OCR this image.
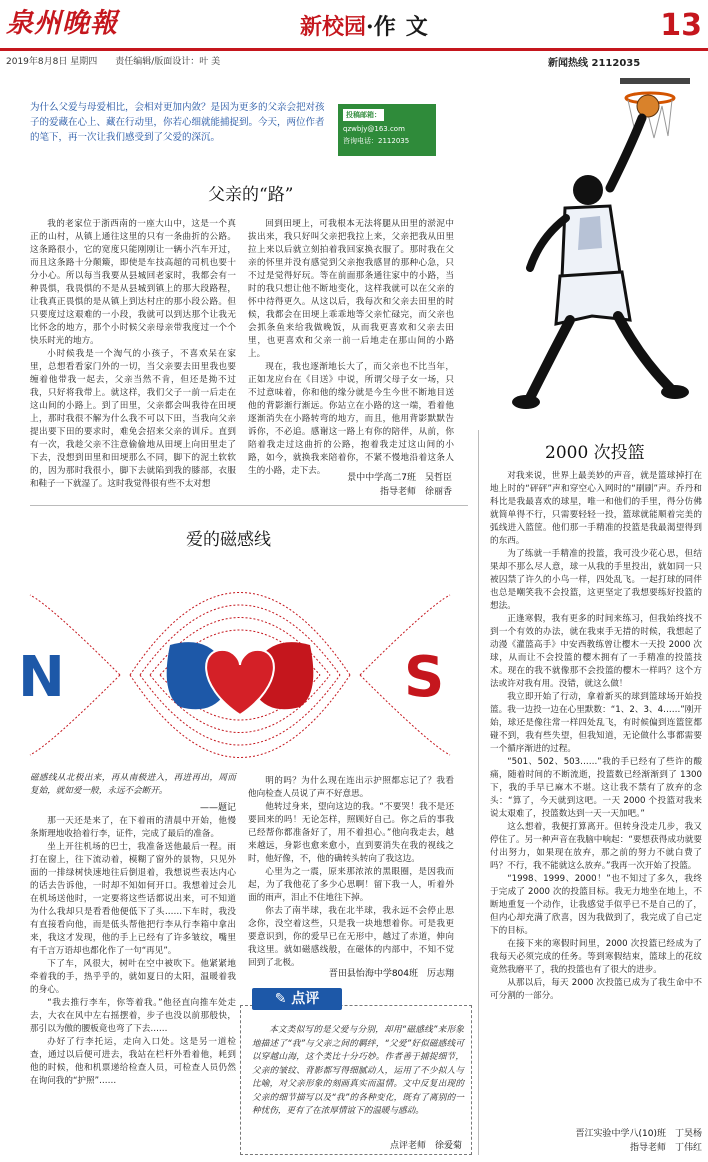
泉州晚報	新校园·作文	13
2019年8月8日 星期四　　责任编辑/版面设计：叶 美	新闻热线 2112035
为什么父爱与母爱相比，会相对更加内敛？是因为更多的父亲会把对孩子的爱藏在心上、藏在行动里，你若心细就能捕捉到。今天，两位作者的笔下，再一次让我们感受到了父爱的深沉。
投稿邮箱：
qzwbjy@163.com
咨询电话：2112035
父亲的“路”

我的老家位于浙西南的一座大山中，这是一个真正的山村，从镇上通往这里的只有一条曲折的公路。这条路很小，它的宽度只能刚刚让一辆小汽车开过，而且这条路十分颠簸，即使是车技高超的司机也要十分小心。所以每当我要从县城回老家时，我都会有一种畏惧，我畏惧的不是从县城到镇上的那大段路程，让我真正畏惧的是从镇上到达村庄的那小段公路。但只要度过这艰难的一小段，我就可以到达那个让我无比怀念的地方，那个小时候父亲母亲带我度过一个个快乐时光的地方。

小时候我是一个淘气的小孩子，不喜欢呆在家里，总想看看家门外的一切，当父亲要去田里我也要缠着他带我一起去，父亲当然不肯，但还是拗不过我，只好将我带上。就这样，我们父子一前一后走在这山间的小路上。到了田里，父亲都会叫我待在田埂上，那时我很不解为什么我不可以下田，当我向父亲提出要下田的要求时，难免会招来父亲的训斥。直到有一次，我趁父亲不注意偷偷地从田埂上向田里走了下去，没想到田里和田埂那么不同，脚下的泥土软软的，因为那时我很小，脚下去就陷到我的膝部，衣服和鞋子一下就湿了。这时我觉得很有些不太对想

回到田埂上，可我根本无法将腿从田里的淤泥中拔出来，我只好叫父亲把我拉上来，父亲把我从田里拉上来以后就立刻拍着我回家换衣服了。那时我在父亲的怀里并没有感觉到父亲抱我感冒的那种心急，只不过是觉得好玩。等在前面那条通往家中的小路，当时的我只想让他不断地变化，这样我就可以在父亲的怀中待得更久。从这以后，我每次和父亲去田里的时候，我都会在田埂上乖乖地等父亲忙碌完，而父亲也会抓条鱼来给我做晚饭，从而我更喜欢和父亲去田里，也更喜欢和父亲一前一后地走在那山间的小路上。

现在，我也逐渐地长大了，而父亲也不比当年，正如龙应台在《目送》中说，所谓父母子女一场，只不过意味着，你和他的缘分就是今生今世不断地目送他的背影渐行渐远。你站立在小路的这一端，看着他逐渐消失在小路转弯的地方，而且，他用背影默默告诉你，不必追。感谢这一路上有你的陪伴，从前，你陪着我走过这曲折的公路，抱着我走过这山间的小路，如今，就换我来陪着你，不紧不慢地沿着这条人生的小路，走下去。

景中中学高二7班　吴哲臣
指导老师　徐丽香
爱的磁感线
N	S
磁感线从北极出来，再从南极进入，再进再出，周而复始，就如爱一般，永远不会断开。
——题记

那一天还是来了，在下着雨的清晨中开始，他慢条斯理地收拾着行李，证件，完成了最后的准备。

坐上开往机场的巴士，我准备送他最后一程。雨打在窗上，往下流动着，模糊了窗外的景物，只见外面的一排绿树快速地往后倒退着，我想说些表达内心的话去告诉他，一时却不知如何开口。我想着过会儿在机场送他时，一定要将这些话都说出来，可不知道为什么我却只是看看他便低下了头……下车时，我没有直接看向他，而是低头帮他把行李从行李箱中拿出来，我这才发现，他的手上已经有了许多皱纹，嘴里有千言万语却也都化作了一句“再见”。

下了车，风很大，树叶在空中被吹下。他紧紧地牵着我的手，热乎乎的，就如夏日的太阳，温暖着我的身心。

“我去推行李车，你等着我。”他径直向推车处走去，大衣在风中左右摇摆着，步子也没以前那般快，那引以为傲的腰板竟也弯了下去……

办好了行李托运，走向入口处。这是另一道检查，通过以后便可进去，我站在栏杆外看着他，耗到他的时候，他和机票递给检查人员，可检查人员仍然在询问我的“护照”……

明的吗？为什么现在连出示护照都忘记了？我看他向检查人员说了声不好意思。

他转过身来，望向这边的我。“不要哭！我不是还要回来的吗！无论怎样，照顾好自己。你之后的事我已经帮你都准备好了，用不着担心。”他向我走去，越来越远，身影也愈来愈小，直到要消失在我的视线之时，他好像，不，他的确转头转向了我这边。

心里为之一震，原来那浓浓的黑眼圈，是因我而起，为了我他花了多少心思啊！留下我一人，听着外面的雨声，泪止不住地往下掉。

你去了南半球，我在北半球，我永远不会停止思念你，没空着这些，只是我一块地想着你。可是我更要意识到，你的爱早已在无形中，越过了赤道，伸向我这里。就如磁感线般，在磁体的内部中，不知不觉回到了北极。

晋田县怡海中学804班　厉志翔
✎ 点评

本文类似写的是父爱与分别，却用“磁感线”来形象地描述了“我”与父亲之间的羁绊，“父爱”好似磁感线可以穿越山海，这个类比十分巧妙。作者善于捕捉细节，父亲的皱纹、背影都写得细腻动人，运用了不少拟人与比喻，对父亲形象的刻画真实而温情。文中反复出现的父亲的细节描写以及“我”的各种变化，既有了离别的一种忧伤，更有了在浓厚情谊下的温暖与感动。

点评老师　徐爱菊
2000 次投篮

对我来说，世界上最美妙的声音，就是篮球掉打在地上时的“砰砰”声和穿空心入网时的“刷刷”声。乔丹和科比是我最喜欢的球星，唯一和他们的手里，得分仿佛就简单得不行，只需要轻轻一投，篮球就能顺着完美的弧线进入篮筐。他们那一手精准的投篮是我最渴望得到的东西。

为了练就一手精准的投篮，我可没少花心思，但结果却不那么尽人意，球一从我的手里投出，就如同一只被囚禁了许久的小鸟一样，四处乱飞。一起打球的同伴也总是嘲笑我不会投篮，这更坚定了我想要练好投篮的想法。

正逢寒假，我有更多的时间来练习，但我始终找不到一个有效的办法，就在我束手无措的时候，我想起了动漫《灌篮高手》中安西教练曾让樱木一天投 2000 次球，从而让不会投篮的樱木拥有了一手精准的投篮技术。现在的我不就像那不会投篮的樱木一样吗？这个方法或许对我有用。没错，就这么做！

我立即开始了行动，拿着新买的球到篮球场开始投篮。我一边投一边在心里默数：“1、2、3、4……”刚开始，球还是像往常一样四处乱飞，有时候偏到连篮筐都碰不到，我有些失望，但我知道，无论做什么事都需要一个循序渐进的过程。

“501、502、503……”我的手已经有了些许的酸痛，随着时间的不断流逝，投篮数已经渐渐到了 1300 下，我的手早已麻木不堪。这让我不禁有了放弃的念头：“算了，今天就到这吧。一天 2000 个投篮对我来说太艰难了，投篮数达到一天一天加吧。”

这么想着，我便打算离开。但转身没走几步，我又停住了。另一种声音在我脑中响起：“要想获得成功就要付出努力，如果现在放弃，那之前的努力不就白费了吗？不行，我不能就这么放弃。”我再一次开始了投篮。

“1998、1999、2000！”也不知过了多久，我终于完成了 2000 次的投篮目标。我无力地坐在地上，不断地重复一个动作，让我感觉手似乎已不是自己的了，但内心却充满了欣喜，因为我做到了，我完成了自己定下的目标。

在接下来的寒假时间里，2000 次投篮已经成为了我每天必须完成的任务。等到寒假结束，篮球上的花纹竟然我磨平了，我的投篮也有了很大的进步。

从那以后，每天 2000 次投篮已成为了我生命中不可分割的一部分。

晋江实验中学八(10)班　丁昊杨
指导老师　丁伟红
